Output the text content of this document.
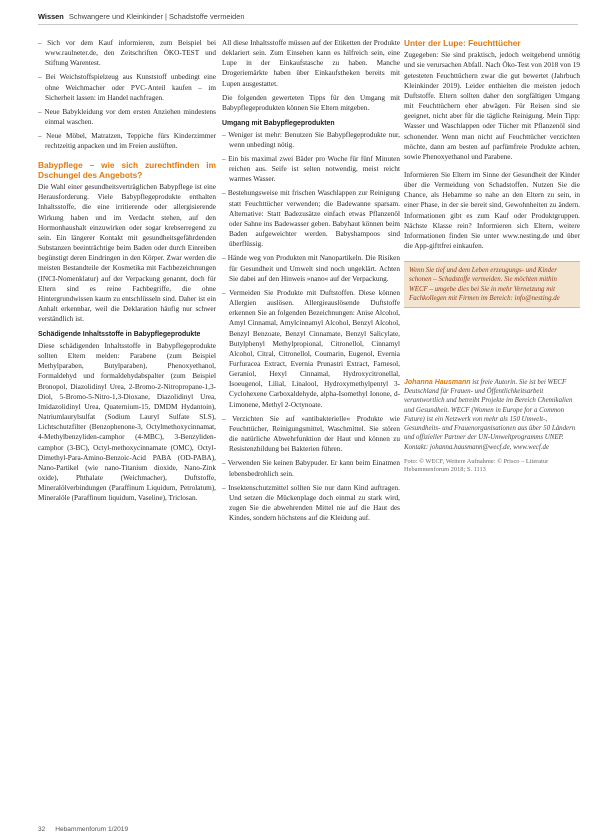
Wissen Schwangere und Kleinkinder | Schadstoffe vermeiden

– Sich vor dem Kauf informieren, zum Beispiel bei www.raulneter.de, den Zeitschriften ÖKO-TEST und Stiftung Warentest.

– Bei Weichstoffspielzeug aus Kunststoff unbedingt eine ohne Weichmacher oder PVC-Anteil kaufen – im Sicherheit lassen: im Handel nachfragen.

– Neue Babykleidung vor dem ersten Anziehen mindestens einmal waschen.

– Neue Möbel, Matratzen, Teppiche fürs Kinderzimmer rechtzeitig anpacken und im Freien auslüften.

Babypflege – wie sich zurechtfinden im Dschungel des Angebots?

Die Wahl einer gesundheitsverträglichen Babypflege ist eine Herausforderung. Viele Babypflegeprodukte enthalten Inhaltsstoffe, die eine irritierende oder allergisierende Wirkung haben und im Verdacht stehen, auf den Hormonhaushalt einzuwirken oder sogar krebserregend zu sein. Ein längerer Kontakt mit gesundheitsgefährdenden Substanzen beeinträchtige beim Baden oder durch Einreiben begünstigt deren Eindringen in den Körper. Zwar werden die meisten Bestandteile der Kosmetika mit Fachbezeichnungen (INCI-Nomenklatur) auf der Verpackung genannt, doch für Eltern sind es reine Fachbegriffe, die ohne Hintergrundwissen kaum zu entschlüsseln sind. Daher ist ein Anhalt erkennbar, weil die Deklaration häufig nur schwer verständlich ist.

Schädigende Inhaltsstoffe in Babypflegeprodukte

Diese schädigenden Inhaltsstoffe in Babypflegeprodukte sollten Eltern meiden: Parabene (zum Beispiel Methylparaben, Butylparaben), Phenoxyethanol, Formaldehyd und formaldehydabspalter (zum Beispiel Bronopol, Diazolidinyl Urea, 2-Bromo-2-Nitropropane-1,3-Diol, 5-Bromo-5-Nitro-1,3-Dioxane, Diazolidinyl Urea, Imidazolidinyl Urea, Quaternium-15, DMDM Hydantoin), Natriumlaurylsulfat (Sodium Lauryl Sulfate SLS), Lichtschutzfilter (Benzophenone-3, Octylmethoxycinnamat, 4-Methylbenzyliden-camphor (4-MBC), 3-Benzyliden-camphor (3-BC), Octyl-methoxycinnamate (OMC), Octyl-Dimethyl-Para-Amino-Benzoic-Acid PABA (OD-PABA), Nano-Partikel (wie nano-Titanium dioxide, Nano-Zink oxide), Phthalate (Weichmacher), Duftstoffe, Mineralölverbindungen (Paraffinum Liquidum, Petrolatum), Mineralöle (Paraffinum liquidum, Vaseline), Triclosan.

All diese Inhaltsstoffe müssen auf der Etiketten der Produkte deklariert sein. Zum Einsehen kann es hilfreich sein, eine Lupe in der Einkaufstasche zu haben. Manche Drogeriemärkte haben über Einkaufstheken bereits mit Lupen ausgestattet.

Die folgenden gewerteten Tipps für den Umgang mit Babypflegeprodukten können Sie Eltern mitgeben.

Umgang mit Babypflegeprodukten

– Weniger ist mehr: Benutzen Sie Babypflegeprodukte nur, wenn unbedingt nötig.

– Ein bis maximal zwei Bäder pro Woche für fünf Minuten reichen aus. Seife ist selten notwendig, meist reicht warmes Wasser.

– Bestehungsweise mit frischen Waschlappen zur Reinigung statt Feuchttücher verwenden; die Badewanne sparsam. Alternative: Statt Badezusätze einfach etwas Pflanzenöl oder Sahne ins Badewasser geben. Babyhaut können beim Baden aufgeweichter werden. Babyshampoos sind überflüssig.

– Hände weg von Produkten mit Nanopartikeln. Die Risiken für Gesundheit und Umwelt sind noch ungeklärt. Achten Sie dabei auf den Hinweis »nano« auf der Verpackung.

– Vermeiden Sie Produkte mit Duftstoffen. Diese können Allergien auslösen. Allergieauslösende Duftstoffe erkennen Sie an folgenden Bezeichnungen: Anise Alcohol, Amyl Cinnamal, Amylcinnamyl Alcohol, Benzyl Alcohol, Benzyl Benzoate, Benzyl Cinnamate, Benzyl Salicylate, Butylphenyl Methylpropional, Citronellol, Cinnamyl Alcohol, Citral, Citronellol, Coumarin, Eugenol, Evernia Furfuracea Extract, Evernia Prunastri Extract, Farnesol, Geraniol, Hexyl Cinnamal, Hydroxycitronellal, Isoeugenol, Lilial, Linalool, Hydroxymethylpentyl 3-Cyclohexene Carboxaldehyde, alpha-Isomethyl Ionone, d-Limonene, Methyl 2-Octynoate.

– Verzichten Sie auf »antibakterielle« Produkte wie Feuchttücher, Reinigungsmittel, Waschmittel. Sie stören die natürliche Abwehrfunktion der Haut und können zu Resistenzbildung bei Bakterien führen.

– Verwenden Sie keinen Babypuder. Er kann beim Einatmen lebensbedrohlich sein.

– Insektenschutzmittel sollten Sie nur dann Kind auftragen. Und setzen die Mückenplage doch einmal zu stark wird, zugen Sie die abwehrenden Mittel nie auf die Haut des Kindes, sondern höchstens auf die Kleidung auf.

Unter der Lupe: Feuchttücher

Zugegeben: Sie sind praktisch, jedoch weitgehend unnötig und sie verursachen Abfall. Nach Öko-Test von 2018 von 19 getesteten Feuchttüchern zwar die gut bewertet (Jahrbuch Kleinkinder 2019). Leider enthielten die meisten jedoch Duftstoffe. Eltern sollten daher den sorgfältigen Umgang mit Feuchttüchern eher abwägen. Für Reisen sind sie geeignet, nicht aber für die tägliche Reinigung. Mein Tipp: Wasser und Waschlappen oder Tücher mit Pflanzenöl sind schonender. Wenn man nicht auf Feuchttücher verzichten möchte, dann am besten auf parfümfreie Produkte achten, sowie Phenoxyethanol und Parabene.

Informieren Sie Eltern im Sinne der Gesundheit der Kinder über die Vermeidung von Schadstoffen. Nutzen Sie die Chance, als Hebamme so nahe an den Eltern zu sein, in einer Phase, in der sie bereit sind, Gewohnheiten zu ändern. Informationen gibt es zum Kauf oder Produktgruppen. Nächste Klasse rein? Informieren sich Eltern, weitere Informationen finden Sie unter www.nesting.de und über die App-gifttfrei einkaufen.

Wenn Sie tief und dem Leben erzeugungs- und Kinder schonen – Schadstoffe vermeiden. Sie möchten mithin WECF – umgebe dies bei Sie in mehr Vernetzung mit Fachkollegen mit Firmen im Bereich: info@nesting.de
Johanna Hausmann ist freie Autorin. Sie ist bei WECF Deutschland für Frauen- und Öffentlichkeitsarbeit verantwortlich und betreibt Projekte im Bereich Chemikalien und Gesundheit. WECF (Women in Europe for a Common Future) ist ein Netzwerk von mehr als 150 Umwelt-, Gesundheits- und Frauenorganisationen aus über 50 Ländern und offizieller Partner der UN-Umweltprogramms UNEP. Kontakt: johanna.hausmann@wecf.de, www.wecf.de
Foto: © WECF, Weitere Aufnahme: © Prisco – Literatur Hebammenforum 2018; S. 1113
32 Hebammenforum 1/2019
